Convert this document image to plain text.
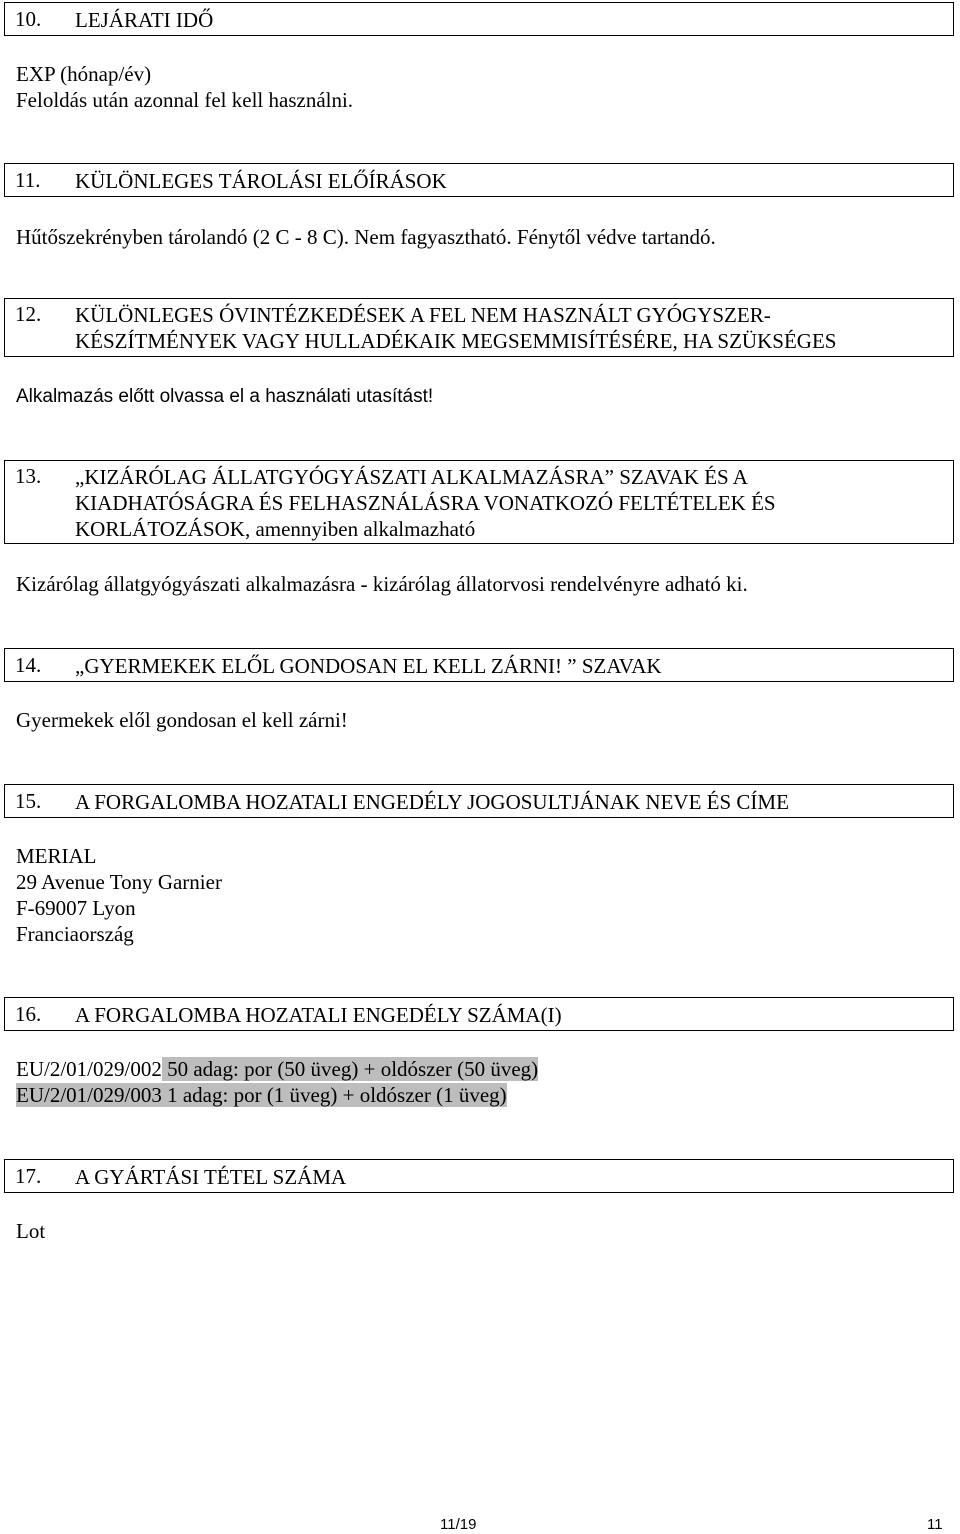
10. LEJÁRATI IDŐ
EXP (hónap/év)
Feloldás után azonnal fel kell használni.
11. KÜLÖNLEGES TÁROLÁSI ELŐÍRÁSOK
Hűtőszekrényben tárolandó (2 C - 8 C). Nem fagyasztható. Fénytől védve tartandó.
12. KÜLÖNLEGES ÓVINTÉZKEDÉSEK A FEL NEM HASZNÁLT GYÓGYSZER-
KÉSZÍTMÉNYEK VAGY HULLADÉKAIK MEGSEMMISÍTÉSÉRE, HA SZÜKSÉGES
Alkalmazás előtt olvassa el a használati utasítást!
13. „KIZÁRÓLAG ÁLLATGYÓGYÁSZATI ALKALMAZÁSRA” SZAVAK ÉS A
KIADHATÓSÁGRA ÉS FELHASZNÁLÁSRA VONATKOZÓ FELTÉTELEK ÉS
KORLÁTOZÁSOK, amennyiben alkalmazható
Kizárólag állatgyógyászati alkalmazásra - kizárólag állatorvosi rendelvényre adható ki.
14. „GYERMEKEK ELŐL GONDOSAN EL KELL ZÁRNI! ” SZAVAK
Gyermekek elől gondosan el kell zárni!
15. A FORGALOMBA HOZATALI ENGEDÉLY JOGOSULTJÁNAK NEVE ÉS CÍME
MERIAL
29 Avenue Tony Garnier
F-69007 Lyon
Franciaország
16. A FORGALOMBA HOZATALI ENGEDÉLY SZÁMA(I)
EU/2/01/029/002 50 adag: por (50 üveg) + oldószer (50 üveg)
EU/2/01/029/003 1 adag: por (1 üveg) + oldószer (1 üveg)
17. A GYÁRTÁSI TÉTEL SZÁMA
Lot
11/19	11
